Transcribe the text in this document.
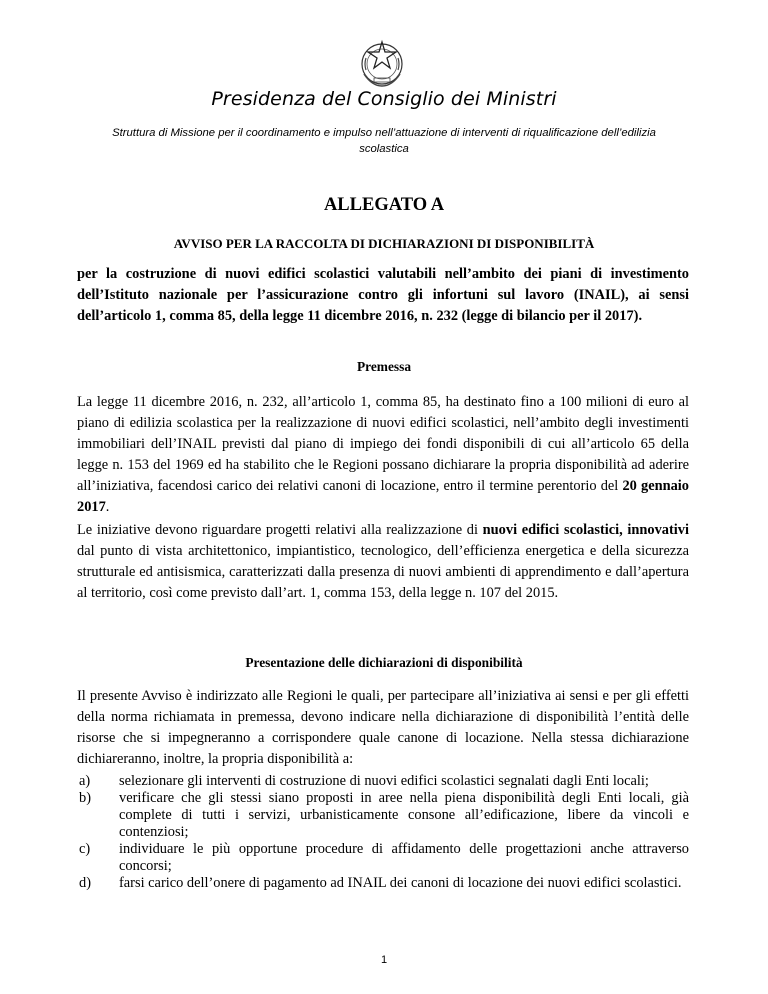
Presidenza del Consiglio dei Ministri
Struttura di Missione per il coordinamento e impulso nell’attuazione di interventi di riqualificazione dell’edilizia scolastica
ALLEGATO A
AVVISO PER LA RACCOLTA DI DICHIARAZIONI DI DISPONIBILITÀ
per la costruzione di nuovi edifici scolastici valutabili nell’ambito dei piani di investimento dell’Istituto nazionale per l’assicurazione contro gli infortuni sul lavoro (INAIL), ai sensi dell’articolo 1, comma 85, della legge 11 dicembre 2016, n. 232 (legge di bilancio per il 2017).
Premessa
La legge 11 dicembre 2016, n. 232, all’articolo 1, comma 85, ha destinato fino a 100 milioni di euro al piano di edilizia scolastica per la realizzazione di nuovi edifici scolastici, nell’ambito degli investimenti immobiliari dell’INAIL previsti dal piano di impiego dei fondi disponibili di cui all’articolo 65 della legge n. 153 del 1969 ed ha stabilito che le Regioni possano dichiarare la propria disponibilità ad aderire all’iniziativa, facendosi carico dei relativi canoni di locazione, entro il termine perentorio del 20 gennaio 2017.
Le iniziative devono riguardare progetti relativi alla realizzazione di nuovi edifici scolastici, innovativi dal punto di vista architettonico, impiantistico, tecnologico, dell’efficienza energetica e della sicurezza strutturale ed antisismica, caratterizzati dalla presenza di nuovi ambienti di apprendimento e dall’apertura al territorio, così come previsto dall’art. 1, comma 153, della legge n. 107 del 2015.
Presentazione delle dichiarazioni di disponibilità
Il presente Avviso è indirizzato alle Regioni le quali, per partecipare all’iniziativa ai sensi e per gli effetti della norma richiamata in premessa, devono indicare nella dichiarazione di disponibilità l’entità delle risorse che si impegneranno a corrispondere quale canone di locazione. Nella stessa dichiarazione dichiareranno, inoltre, la propria disponibilità a:
a)	selezionare gli interventi di costruzione di nuovi edifici scolastici segnalati dagli Enti locali;
b)	verificare che gli stessi siano proposti in aree nella piena disponibilità degli Enti locali, già complete di tutti i servizi, urbanisticamente consone all’edificazione, libere da vincoli e contenziosi;
c)	individuare le più opportune procedure di affidamento delle progettazioni anche attraverso concorsi;
d)	farsi carico dell’onere di pagamento ad INAIL dei canoni di locazione dei nuovi edifici scolastici.
1
